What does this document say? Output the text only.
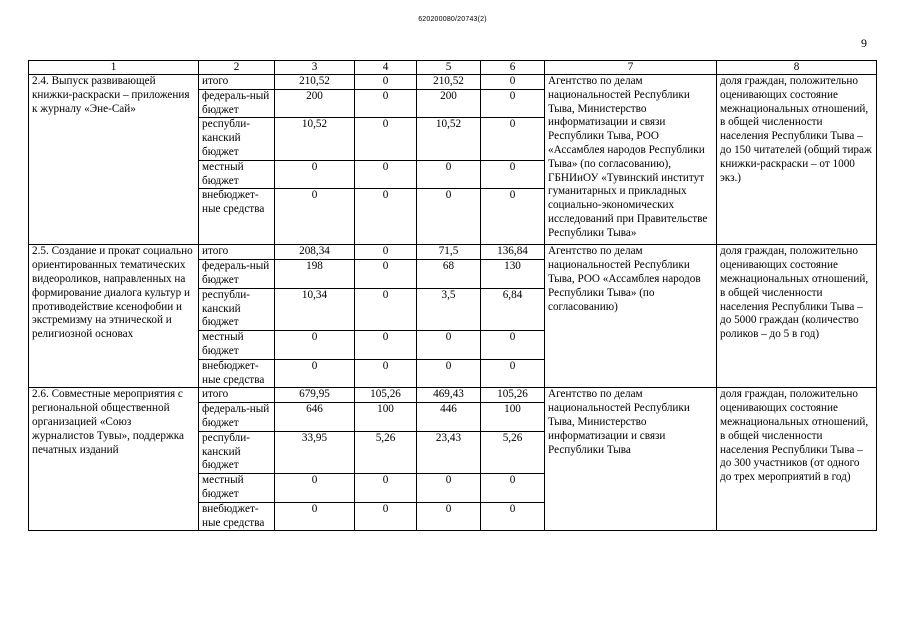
620200080/20743(2)
9
1	2	3	4	5	6	7	8
2.4. Выпуск развивающей книжки-раскраски – приложения к журналу «Эне-Сай»	итого	210,52	0	210,52	0	Агентство по делам национальностей Республики Тыва, Министерство информатизации и связи Республики Тыва, РОО «Ассамблея народов Республики Тыва» (по согласованию), ГБНИиОУ «Тувинский институт гуманитарных и прикладных социально-экономических исследований при Правительстве Республики Тыва»	доля граждан, положительно оценивающих состояние межнациональных отношений, в общей численности населения Республики Тыва – до 150 читателей (общий тираж книжки-раскраски – от 1000 экз.)
	федераль-ный бюджет	200	0	200	0		
	республи-канский бюджет	10,52	0	10,52	0		
	местный бюджет	0	0	0	0		
	внебюджет-ные средства	0	0	0	0		
2.5. Создание и прокат социально ориентированных тематических видеороликов, направленных на формирование диалога культур и противодействие ксенофобии и экстремизму на этнической и религиозной основах	итого	208,34	0	71,5	136,84	Агентство по делам национальностей Республики Тыва, РОО «Ассамблея народов Республики Тыва» (по согласованию)	доля граждан, положительно оценивающих состояние межнациональных отношений, в общей численности населения Республики Тыва – до 5000 граждан (количество роликов – до 5 в год)
	федераль-ный бюджет	198	0	68	130		
	республи-канский бюджет	10,34	0	3,5	6,84		
	местный бюджет	0	0	0	0		
	внебюджет-ные средства	0	0	0	0		
2.6. Совместные мероприятия с региональной общественной организацией «Союз журналистов Тувы», поддержка печатных изданий	итого	679,95	105,26	469,43	105,26	Агентство по делам национальностей Республики Тыва, Министерство информатизации и связи Республики Тыва	доля граждан, положительно оценивающих состояние межнациональных отношений, в общей численности населения Республики Тыва – до 300 участников (от одного до трех мероприятий в год)
	федераль-ный бюджет	646	100	446	100		
	республи-канский бюджет	33,95	5,26	23,43	5,26		
	местный бюджет	0	0	0	0		
	внебюджет-ные средства	0	0	0	0		
